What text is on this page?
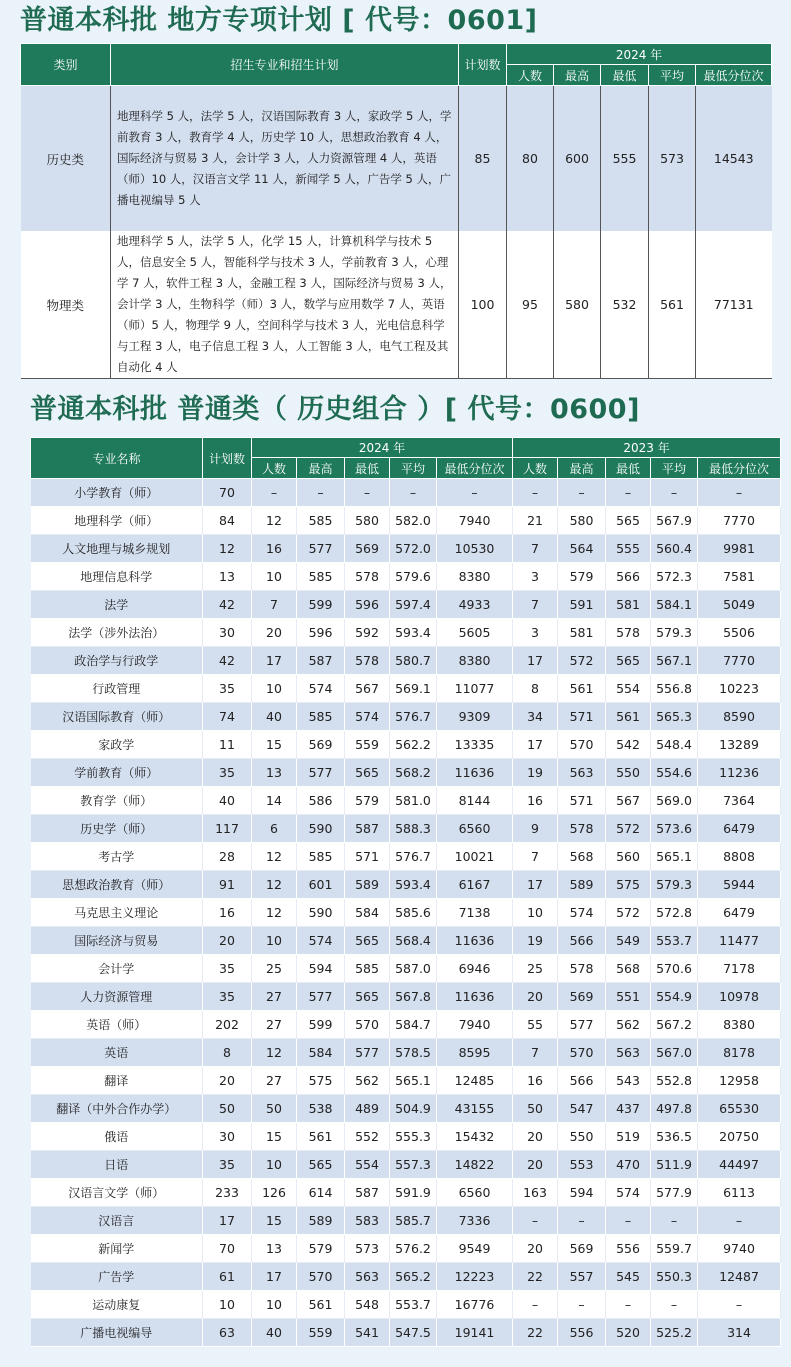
普通本科批 地方专项计划 [ 代号：0601]
类别	招生专业和招生计划	计划数	2024 年				
			人数	最高	最低	平均	最低分位次
历史类	地理科学 5 人，法学 5 人，汉语国际教育 3 人，家政学 5 人，学前教育 3 人，教育学 4 人，历史学 10 人，思想政治教育 4 人，国际经济与贸易 3 人，会计学 3 人，人力资源管理 4 人，英语（师）10 人，汉语言文学 11 人，新闻学 5 人，广告学 5 人，广播电视编导 5 人	85	80	600	555	573	14543
物理类	地理科学 5 人，法学 5 人，化学 15 人，计算机科学与技术 5 人，信息安全 5 人，智能科学与技术 3 人，学前教育 3 人，心理学 7 人，软件工程 3 人，金融工程 3 人，国际经济与贸易 3 人，会计学 3 人，生物科学（师）3 人，数学与应用数学 7 人，英语（师）5 人，物理学 9 人，空间科学与技术 3 人，光电信息科学与工程 3 人，电子信息工程 3 人，人工智能 3 人，电气工程及其自动化 4 人	100	95	580	532	561	77131
普通本科批 普通类（ 历史组合 ）[ 代号：0600]
专业名称	计划数	2024 年					2023 年				
		人数	最高	最低	平均	最低分位次	人数	最高	最低	平均	最低分位次
小学教育（师）	70	–	–	–	–	–	–	–	–	–	–
地理科学（师）	84	12	585	580	582.0	7940	21	580	565	567.9	7770
人文地理与城乡规划	12	16	577	569	572.0	10530	7	564	555	560.4	9981
地理信息科学	13	10	585	578	579.6	8380	3	579	566	572.3	7581
法学	42	7	599	596	597.4	4933	7	591	581	584.1	5049
法学（涉外法治）	30	20	596	592	593.4	5605	3	581	578	579.3	5506
政治学与行政学	42	17	587	578	580.7	8380	17	572	565	567.1	7770
行政管理	35	10	574	567	569.1	11077	8	561	554	556.8	10223
汉语国际教育（师）	74	40	585	574	576.7	9309	34	571	561	565.3	8590
家政学	11	15	569	559	562.2	13335	17	570	542	548.4	13289
学前教育（师）	35	13	577	565	568.2	11636	19	563	550	554.6	11236
教育学（师）	40	14	586	579	581.0	8144	16	571	567	569.0	7364
历史学（师）	117	6	590	587	588.3	6560	9	578	572	573.6	6479
考古学	28	12	585	571	576.7	10021	7	568	560	565.1	8808
思想政治教育（师）	91	12	601	589	593.4	6167	17	589	575	579.3	5944
马克思主义理论	16	12	590	584	585.6	7138	10	574	572	572.8	6479
国际经济与贸易	20	10	574	565	568.4	11636	19	566	549	553.7	11477
会计学	35	25	594	585	587.0	6946	25	578	568	570.6	7178
人力资源管理	35	27	577	565	567.8	11636	20	569	551	554.9	10978
英语（师）	202	27	599	570	584.7	7940	55	577	562	567.2	8380
英语	8	12	584	577	578.5	8595	7	570	563	567.0	8178
翻译	20	27	575	562	565.1	12485	16	566	543	552.8	12958
翻译（中外合作办学）	50	50	538	489	504.9	43155	50	547	437	497.8	65530
俄语	30	15	561	552	555.3	15432	20	550	519	536.5	20750
日语	35	10	565	554	557.3	14822	20	553	470	511.9	44497
汉语言文学（师）	233	126	614	587	591.9	6560	163	594	574	577.9	6113
汉语言	17	15	589	583	585.7	7336	–	–	–	–	–
新闻学	70	13	579	573	576.2	9549	20	569	556	559.7	9740
广告学	61	17	570	563	565.2	12223	22	557	545	550.3	12487
运动康复	10	10	561	548	553.7	16776	–	–	–	–	–
广播电视编导	63	40	559	541	547.5	19141	22	556	520	525.2	314
